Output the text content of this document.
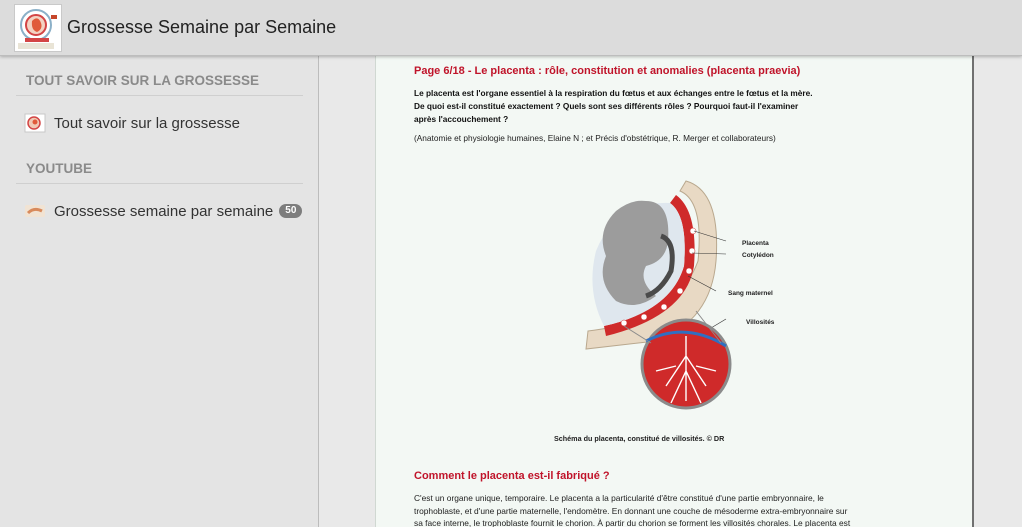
Grossesse Semaine par Semaine
TOUT SAVOIR SUR LA GROSSESSE
Tout savoir sur la grossesse
YOUTUBE
Grossesse semaine par semaine	50
Page 6/18 - Le placenta : rôle, constitution et anomalies (placenta praevia)
Le placenta est l'organe essentiel à la respiration du fœtus et aux échanges entre le fœtus et la mère.
De quoi est-il constitué exactement ? Quels sont ses différents rôles ? Pourquoi faut-il l'examiner
après l'accouchement ?
(Anatomie et physiologie humaines, Elaine N ; et Précis d'obstétrique, R. Merger et collaborateurs)
Placenta
Cotylédon
Sang maternel
Villosités
Schéma du placenta, constitué de villosités. © DR
Comment le placenta est-il fabriqué ?
C'est un organe unique, temporaire. Le placenta a la particularité d'être constitué d'une partie embryonnaire, le
trophoblaste, et d'une partie maternelle, l'endomètre. En donnant une couche de mésoderme extra-embryonnaire sur
sa face interne, le trophoblaste fournit le chorion. À partir du chorion se forment les villosités chorales. Le placenta est
